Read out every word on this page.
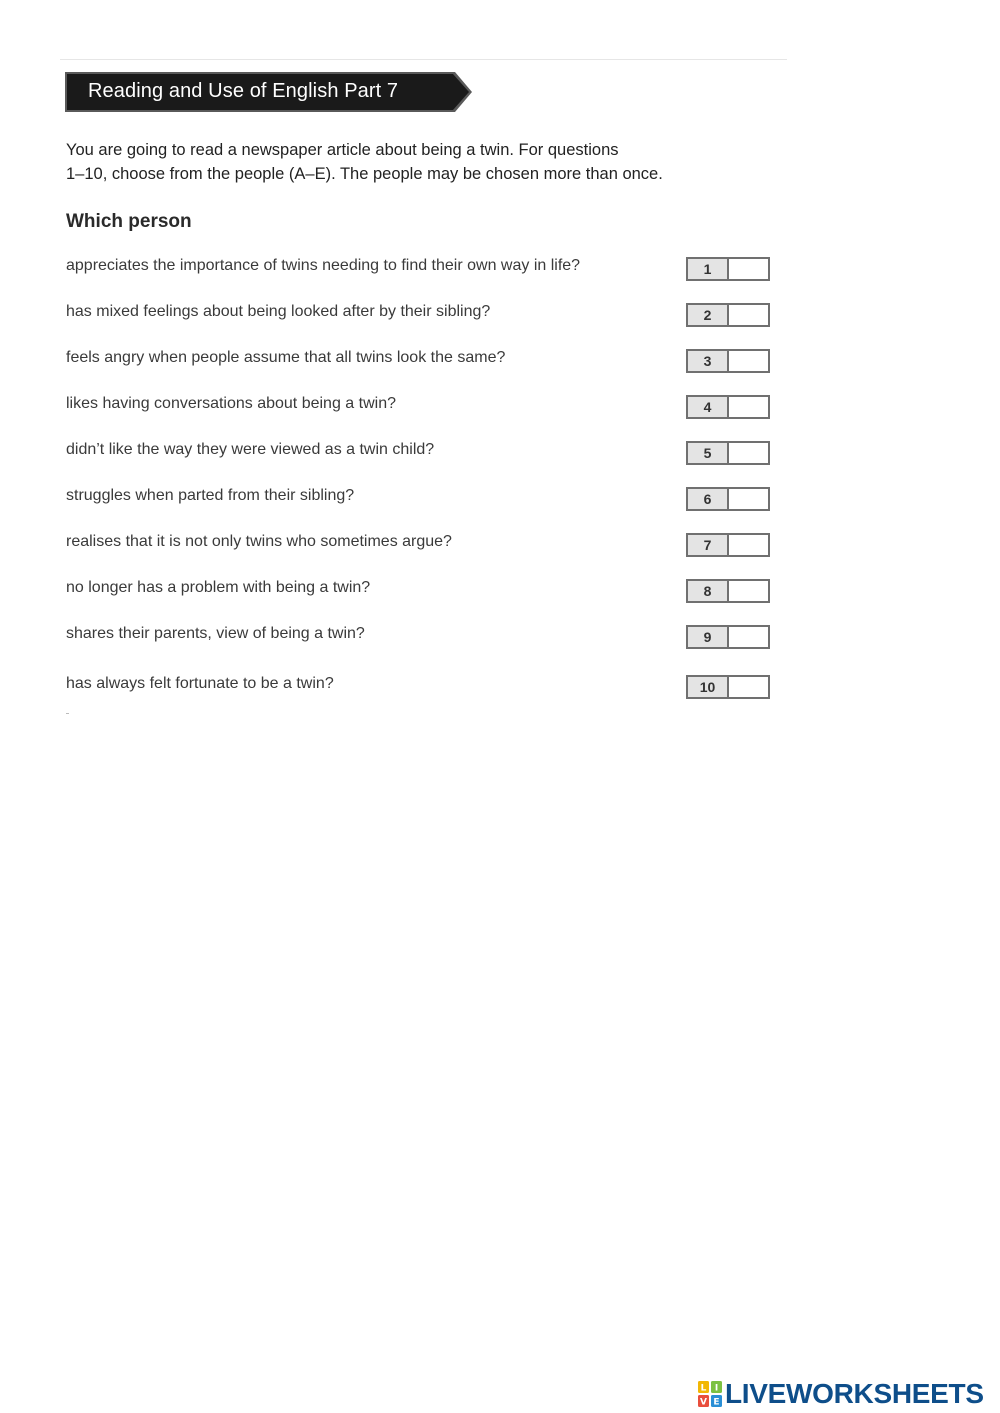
Reading and Use of English Part 7

You are going to read a newspaper article about being a twin. For questions

1–10, choose from the people (A–E). The people may be chosen more than once.

Which person
appreciates the importance of twins needing to find their own way in life?	1
has mixed feelings about being looked after by their sibling?	2
feels angry when people assume that all twins look the same?	3
likes having conversations about being a twin?	4
didn’t like the way they were viewed as a twin child?	5
struggles when parted from their sibling?	6
realises that it is not only twins who sometimes argue?	7
no longer has a problem with being a twin?	8
shares their parents, view of being a twin?	9
has always felt fortunate to be a twin?	10
L I
V E LIVEWORKSHEETS
